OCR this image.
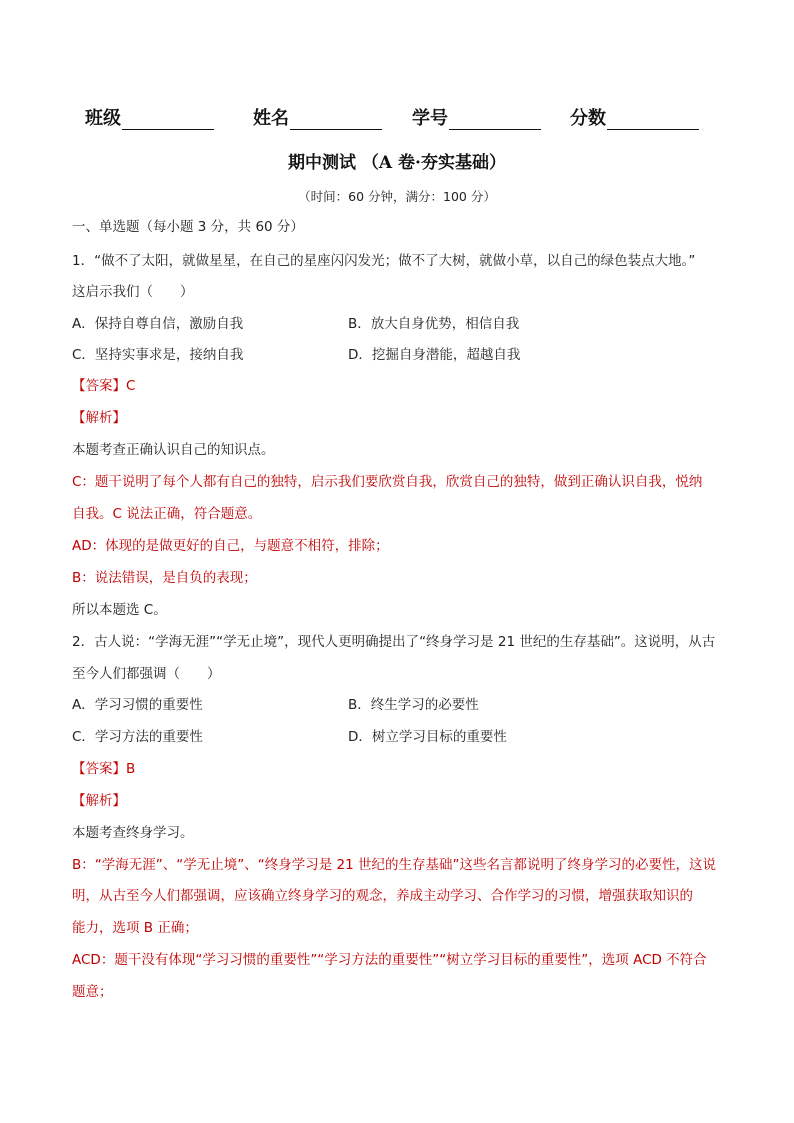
班级	姓名	学号	分数
期中测试 （A 卷·夯实基础）
（时间：60 分钟，满分：100 分）
一、单选题（每小题 3 分，共 60 分）
1．“做不了太阳，就做星星，在自己的星座闪闪发光；做不了大树，就做小草，以自己的绿色装点大地。”
这启示我们（　　）
A．保持自尊自信，激励自我	B．放大自身优势，相信自我
C．坚持实事求是，接纳自我	D．挖掘自身潜能，超越自我
【答案】C
【解析】
本题考查正确认识自己的知识点。
C：题干说明了每个人都有自己的独特，启示我们要欣赏自我，欣赏自己的独特，做到正确认识自我，悦纳
自我。C 说法正确，符合题意。
AD：体现的是做更好的自己，与题意不相符，排除；
B：说法错误，是自负的表现；
所以本题选 C。
2．古人说：“学海无涯”“学无止境”，现代人更明确提出了“终身学习是 21 世纪的生存基础”。这说明，从古
至今人们都强调（　　）
A．学习习惯的重要性	B．终生学习的必要性
C．学习方法的重要性	D．树立学习目标的重要性
【答案】B
【解析】
本题考查终身学习。
B：“学海无涯”、“学无止境”、“终身学习是 21 世纪的生存基础”这些名言都说明了终身学习的必要性，这说
明，从古至今人们都强调，应该确立终身学习的观念，养成主动学习、合作学习的习惯，增强获取知识的
能力，选项 B 正确；
ACD：题干没有体现“学习习惯的重要性”“学习方法的重要性”“树立学习目标的重要性”，选项 ACD 不符合
题意；
